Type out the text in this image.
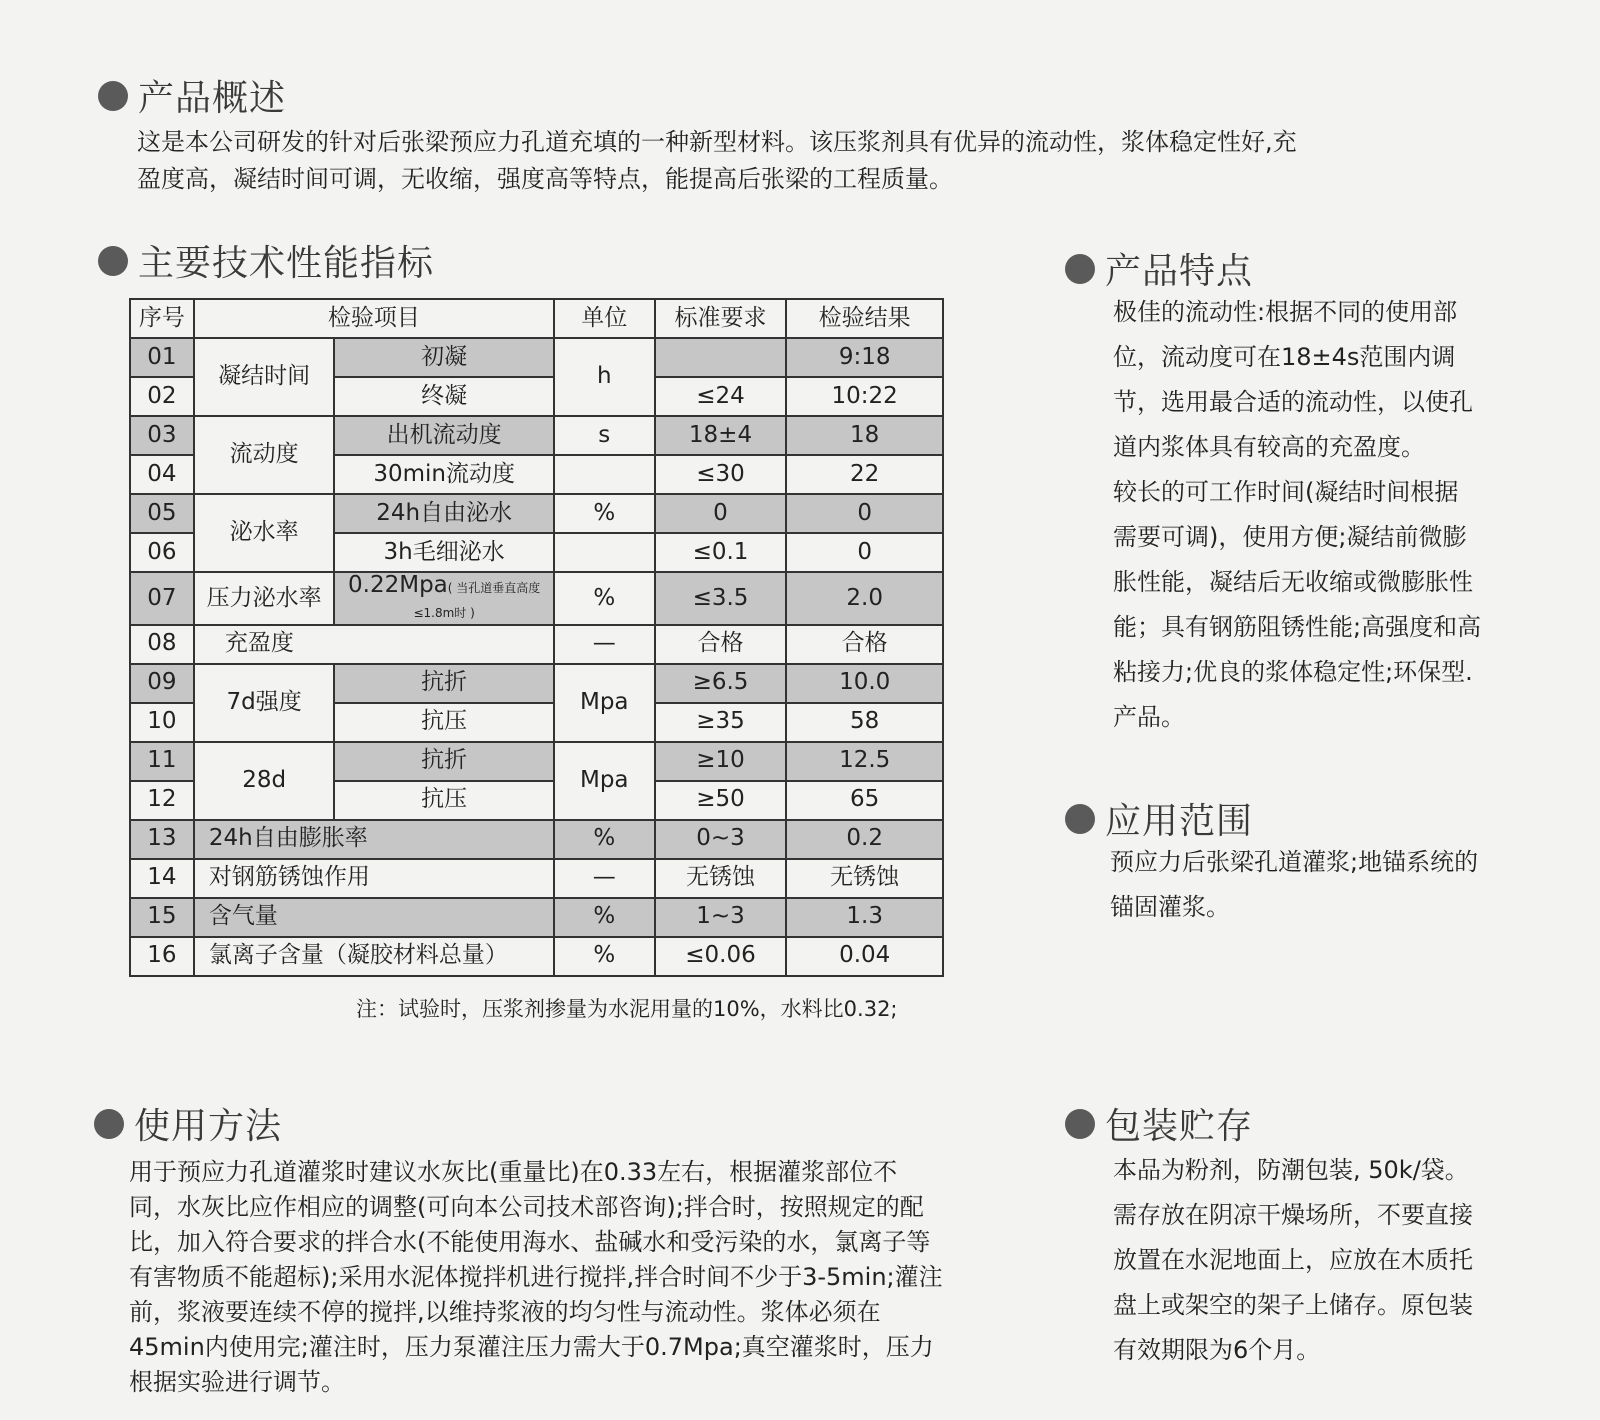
产品概述
这是本公司研发的针对后张梁预应力孔道充填的一种新型材料。该压浆剂具有优异的流动性，浆体稳定性好,充
盈度高，凝结时间可调，无收缩，强度高等特点，能提高后张梁的工程质量。
主要技术性能指标
序号	检验项目		单位	标准要求	检验结果
01	凝结时间	初凝	h		9:18
02		终凝		≤24	10:22
03	流动度	出机流动度	s	18±4	18
04		30min流动度		≤30	22
05	泌水率	24h自由泌水	%	0	0
06		3h毛细泌水		≤0.1	0
07	压力泌水率	0.22Mpa( 当孔道垂直高度≤1.8m时 )	%	≤3.5	2.0
08	充盈度		—	合格	合格
09	7d强度	抗折	Mpa	≥6.5	10.0
10		抗压		≥35	58
11	28d	抗折	Mpa	≥10	12.5
12		抗压		≥50	65
13	24h自由膨胀率		%	0~3	0.2
14	对钢筋锈蚀作用		—	无锈蚀	无锈蚀
15	含气量		%	1~3	1.3
16	氯离子含量（凝胶材料总量）		%	≤0.06	0.04
注：试验时，压浆剂掺量为水泥用量的10%，水料比0.32;
产品特点
极佳的流动性:根据不同的使用部
位，流动度可在18±4s范围内调
节，选用最合适的流动性，以使孔
道内浆体具有较高的充盈度。
较长的可工作时间(凝结时间根据
需要可调)，使用方便;凝结前微膨
胀性能，凝结后无收缩或微膨胀性
能；具有钢筋阻锈性能;高强度和高
粘接力;优良的浆体稳定性;环保型.
产品。
应用范围
预应力后张梁孔道灌浆;地锚系统的
锚固灌浆。
使用方法
用于预应力孔道灌浆时建议水灰比(重量比)在0.33左右，根据灌浆部位不
同，水灰比应作相应的调整(可向本公司技术部咨询);拌合时，按照规定的配
比，加入符合要求的拌合水(不能使用海水、盐碱水和受污染的水，氯离子等
有害物质不能超标);采用水泥体搅拌机进行搅拌,拌合时间不少于3-5min;灌注
前，浆液要连续不停的搅拌,以维持浆液的均匀性与流动性。浆体必须在
45min内使用完;灌注时，压力泵灌注压力需大于0.7Mpa;真空灌浆时，压力
根据实验进行调节。
包装贮存
本品为粉剂，防潮包装, 50k/袋。
需存放在阴凉干燥场所，不要直接
放置在水泥地面上，应放在木质托
盘上或架空的架子上储存。原包装
有效期限为6个月。
